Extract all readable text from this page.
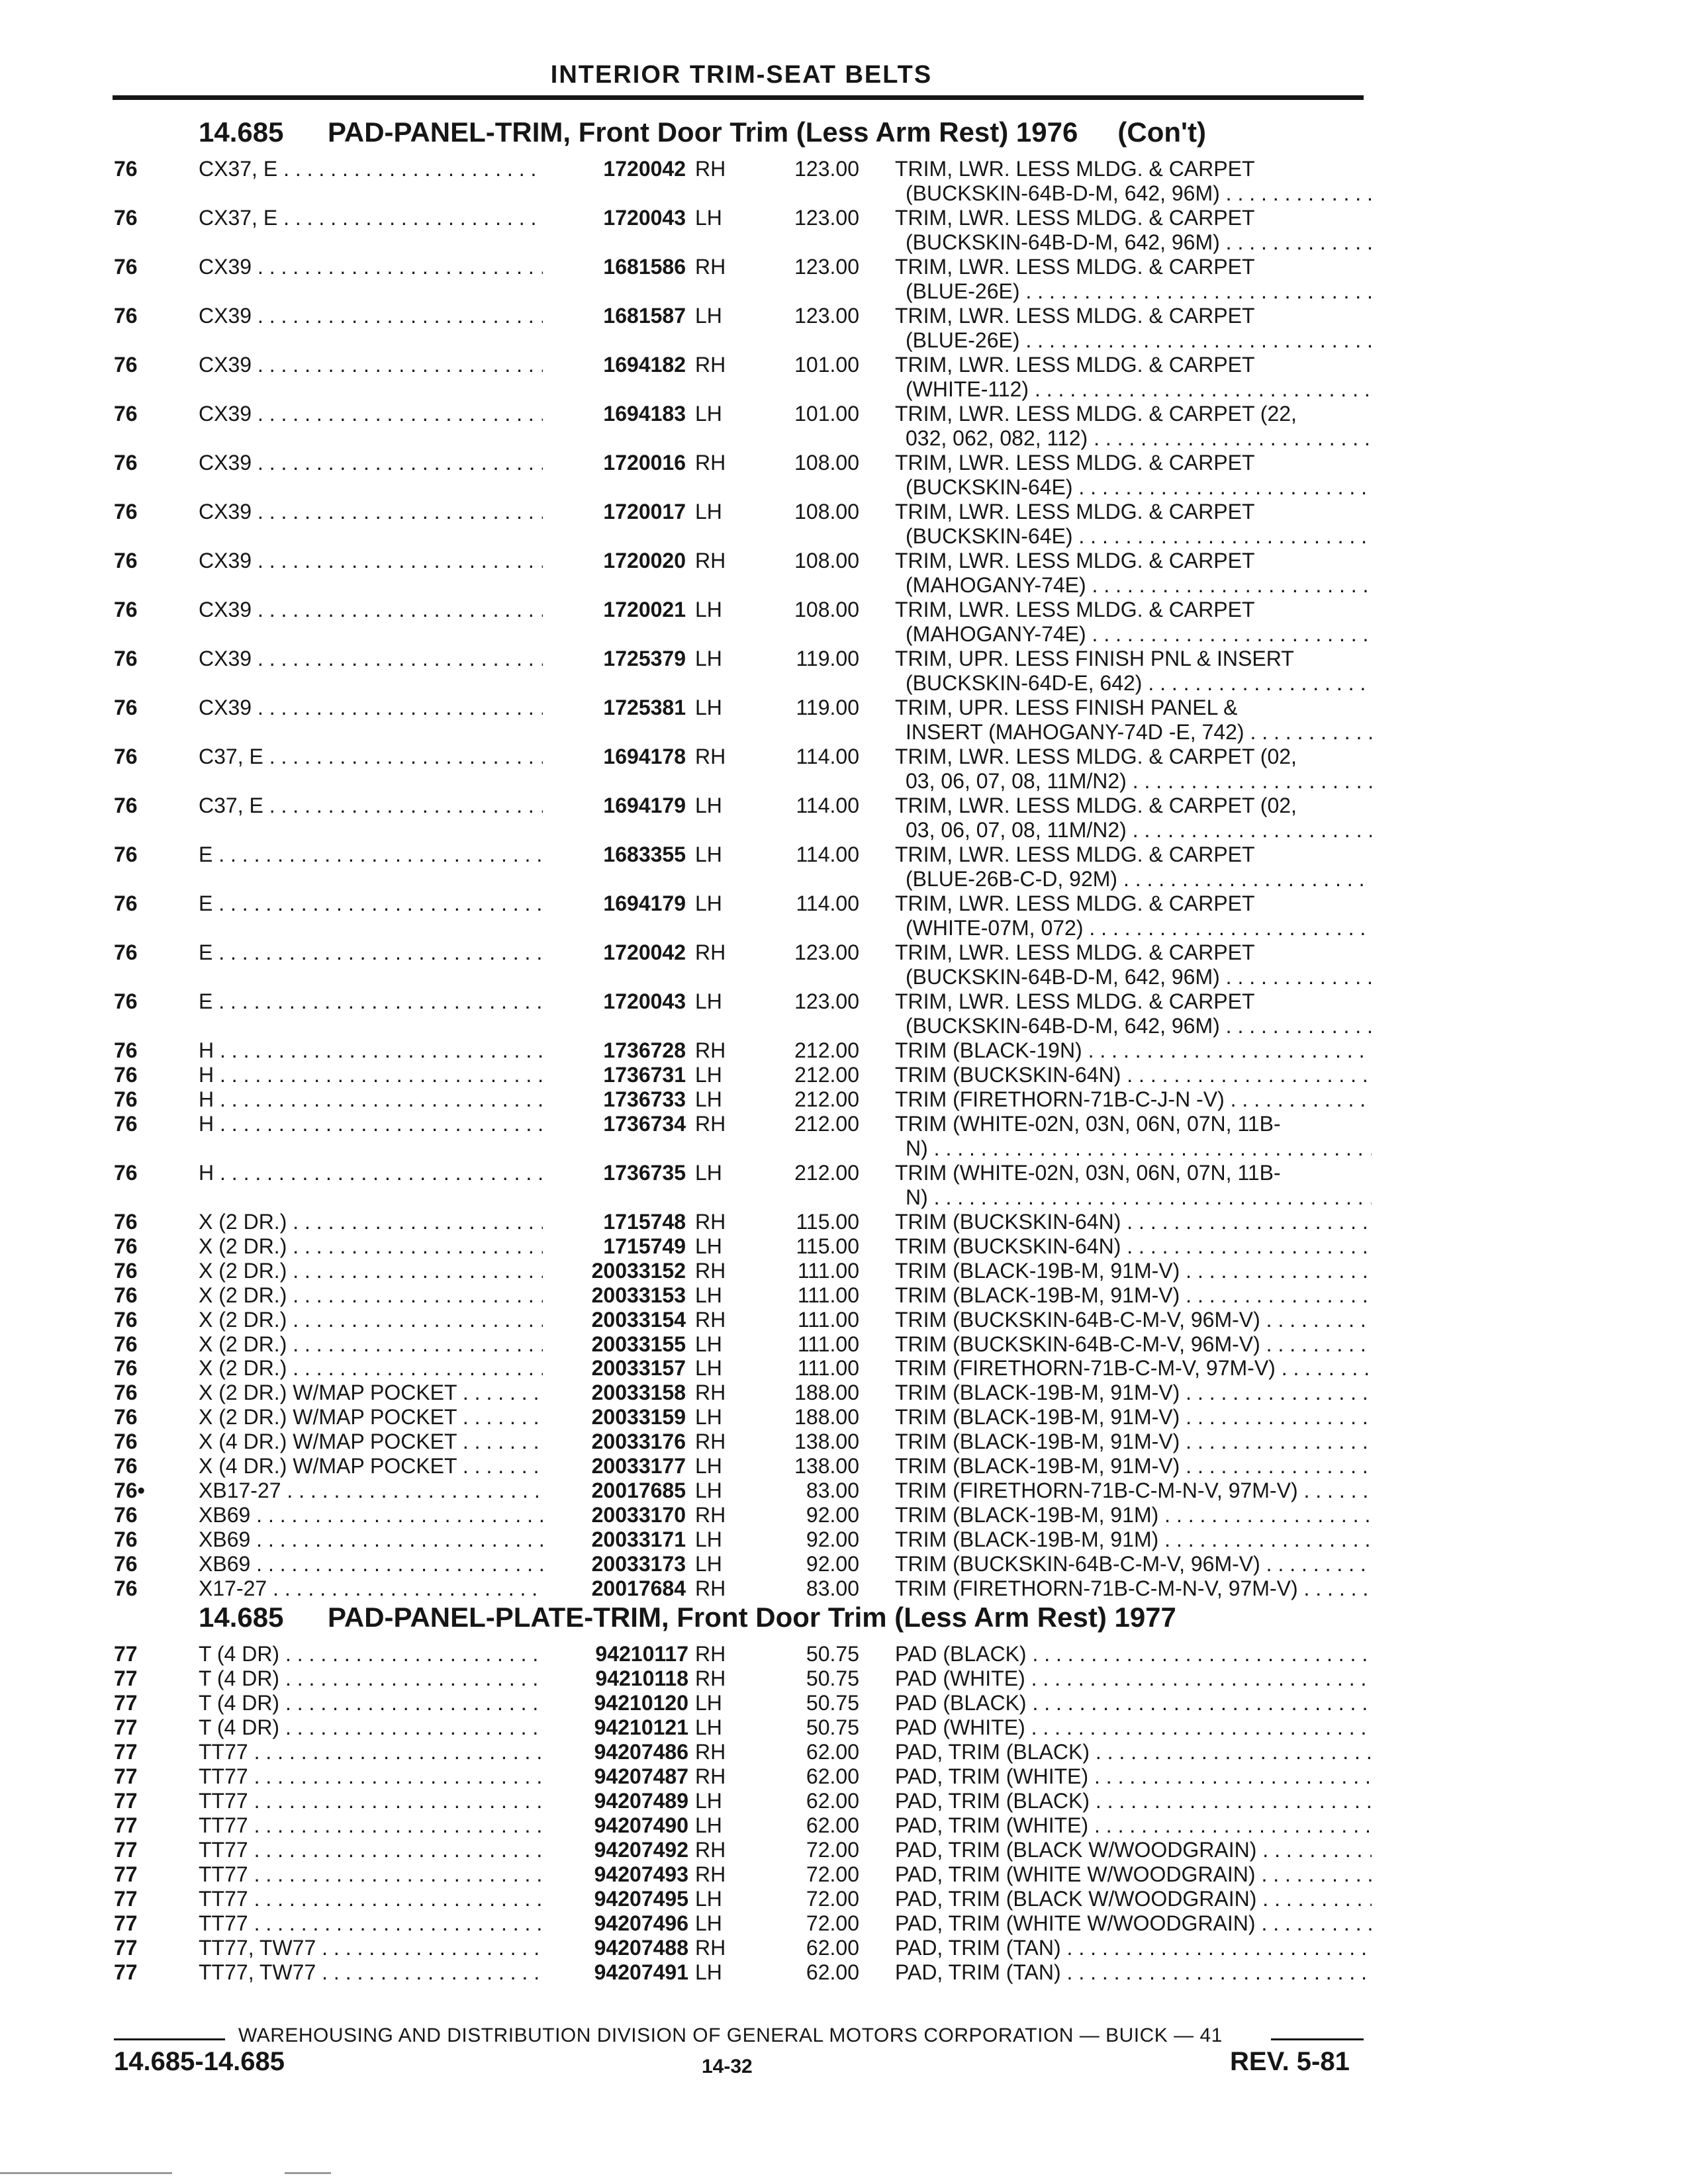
INTERIOR TRIM-SEAT BELTS
14.685 PAD-PANEL-TRIM, Front Door Trim (Less Arm Rest) 1976 (Con't)
76	CX37, E . . .	1720042 RH	123.00 TRIM, LWR. LESS MLDG. & CARPET
(BUCKSKIN-64B-D-M, 642, 96M) . . .
76	CX37, E . . .	1720043 LH	123.00 TRIM, LWR. LESS MLDG. & CARPET
(BUCKSKIN-64B-D-M, 642, 96M) . . .
76	CX39 . . .	1681586 RH	123.00 TRIM, LWR. LESS MLDG. & CARPET
(BLUE-26E) . . .
76	CX39 . . .	1681587 LH	123.00 TRIM, LWR. LESS MLDG. & CARPET
(BLUE-26E) . . .
76	CX39 . . .	1694182 RH	101.00 TRIM, LWR. LESS MLDG. & CARPET
(WHITE-112) . . .
76	CX39 . . .	1694183 LH	101.00 TRIM, LWR. LESS MLDG. & CARPET (22,
032, 062, 082, 112) . . .
76	CX39 . . .	1720016 RH	108.00 TRIM, LWR. LESS MLDG. & CARPET
(BUCKSKIN-64E) . . .
76	CX39 . . .	1720017 LH	108.00 TRIM, LWR. LESS MLDG. & CARPET
(BUCKSKIN-64E) . . .
76	CX39 . . .	1720020 RH	108.00 TRIM, LWR. LESS MLDG. & CARPET
(MAHOGANY-74E) . . .
76	CX39 . . .	1720021 LH	108.00 TRIM, LWR. LESS MLDG. & CARPET
(MAHOGANY-74E) . . .
76	CX39 . . .	1725379 LH	119.00 TRIM, UPR. LESS FINISH PNL & INSERT
(BUCKSKIN-64D-E, 642) . . .
76	CX39 . . .	1725381 LH	119.00 TRIM, UPR. LESS FINISH PANEL &
INSERT (MAHOGANY-74D -E, 742) . . .
76	C37, E . . .	1694178 RH	114.00 TRIM, LWR. LESS MLDG. & CARPET (02,
03, 06, 07, 08, 11M/N2) . . .
76	C37, E . . .	1694179 LH	114.00 TRIM, LWR. LESS MLDG. & CARPET (02,
03, 06, 07, 08, 11M/N2) . . .
76	E . . .	1683355 LH	114.00 TRIM, LWR. LESS MLDG. & CARPET
(BLUE-26B-C-D, 92M) . . .
76	E . . .	1694179 LH	114.00 TRIM, LWR. LESS MLDG. & CARPET
(WHITE-07M, 072) . . .
76	E . . .	1720042 RH	123.00 TRIM, LWR. LESS MLDG. & CARPET
(BUCKSKIN-64B-D-M, 642, 96M) . . .
76	E . . .	1720043 LH	123.00 TRIM, LWR. LESS MLDG. & CARPET
(BUCKSKIN-64B-D-M, 642, 96M) . . .
76	H . . .	1736728 RH	212.00 TRIM (BLACK-19N) . . .
76	H . . .	1736731 LH	212.00 TRIM (BUCKSKIN-64N) . . .
76	H . . .	1736733 LH	212.00 TRIM (FIRETHORN-71B-C-J-N -V) . . .
76	H . . .	1736734 RH	212.00 TRIM (WHITE-02N, 03N, 06N, 07N, 11B-
N) . . .
76	H . . .	1736735 LH	212.00 TRIM (WHITE-02N, 03N, 06N, 07N, 11B-
N) . . .
76	X (2 DR.) . . .	1715748 RH	115.00 TRIM (BUCKSKIN-64N) . . .
76	X (2 DR.) . . .	1715749 LH	115.00 TRIM (BUCKSKIN-64N) . . .
76	X (2 DR.) . . .	20033152 RH	111.00 TRIM (BLACK-19B-M, 91M-V) . . .
76	X (2 DR.) . . .	20033153 LH	111.00 TRIM (BLACK-19B-M, 91M-V) . . .
76	X (2 DR.) . . .	20033154 RH	111.00 TRIM (BUCKSKIN-64B-C-M-V, 96M-V) . . .
76	X (2 DR.) . . .	20033155 LH	111.00 TRIM (BUCKSKIN-64B-C-M-V, 96M-V) . . .
76	X (2 DR.) . . .	20033157 LH	111.00 TRIM (FIRETHORN-71B-C-M-V, 97M-V) . . .
76	X (2 DR.) W/MAP POCKET . . .	20033158 RH	188.00 TRIM (BLACK-19B-M, 91M-V) . . .
76	X (2 DR.) W/MAP POCKET . . .	20033159 LH	188.00 TRIM (BLACK-19B-M, 91M-V) . . .
76	X (4 DR.) W/MAP POCKET . . .	20033176 RH	138.00 TRIM (BLACK-19B-M, 91M-V) . . .
76	X (4 DR.) W/MAP POCKET . . .	20033177 LH	138.00 TRIM (BLACK-19B-M, 91M-V) . . .
76•	XB17-27 . . .	20017685 LH	83.00 TRIM (FIRETHORN-71B-C-M-N-V, 97M-V) . . .
76	XB69 . . .	20033170 RH	92.00 TRIM (BLACK-19B-M, 91M) . . .
76	XB69 . . .	20033171 LH	92.00 TRIM (BLACK-19B-M, 91M) . . .
76	XB69 . . .	20033173 LH	92.00 TRIM (BUCKSKIN-64B-C-M-V, 96M-V) . . .
76	X17-27 . . .	20017684 RH	83.00 TRIM (FIRETHORN-71B-C-M-N-V, 97M-V) . . .
14.685 PAD-PANEL-PLATE-TRIM, Front Door Trim (Less Arm Rest) 1977
77	T (4 DR) . . .	94210117 RH	50.75 PAD (BLACK) . . .
77	T (4 DR) . . .	94210118 RH	50.75 PAD (WHITE) . . .
77	T (4 DR) . . .	94210120 LH	50.75 PAD (BLACK) . . .
77	T (4 DR) . . .	94210121 LH	50.75 PAD (WHITE) . . .
77	TT77 . . .	94207486 RH	62.00 PAD, TRIM (BLACK) . . .
77	TT77 . . .	94207487 RH	62.00 PAD, TRIM (WHITE) . . .
77	TT77 . . .	94207489 LH	62.00 PAD, TRIM (BLACK) . . .
77	TT77 . . .	94207490 LH	62.00 PAD, TRIM (WHITE) . . .
77	TT77 . . .	94207492 RH	72.00 PAD, TRIM (BLACK W/WOODGRAIN) . . .
77	TT77 . . .	94207493 RH	72.00 PAD, TRIM (WHITE W/WOODGRAIN) . . .
77	TT77 . . .	94207495 LH	72.00 PAD, TRIM (BLACK W/WOODGRAIN) . . .
77	TT77 . . .	94207496 LH	72.00 PAD, TRIM (WHITE W/WOODGRAIN) . . .
77	TT77, TW77 . . .	94207488 RH	62.00 PAD, TRIM (TAN) . . .
77	TT77, TW77 . . .	94207491 LH	62.00 PAD, TRIM (TAN) . . .
WAREHOUSING AND DISTRIBUTION DIVISION OF GENERAL MOTORS CORPORATION — BUICK — 41
14.685-14.685	14-32	REV. 5-81
